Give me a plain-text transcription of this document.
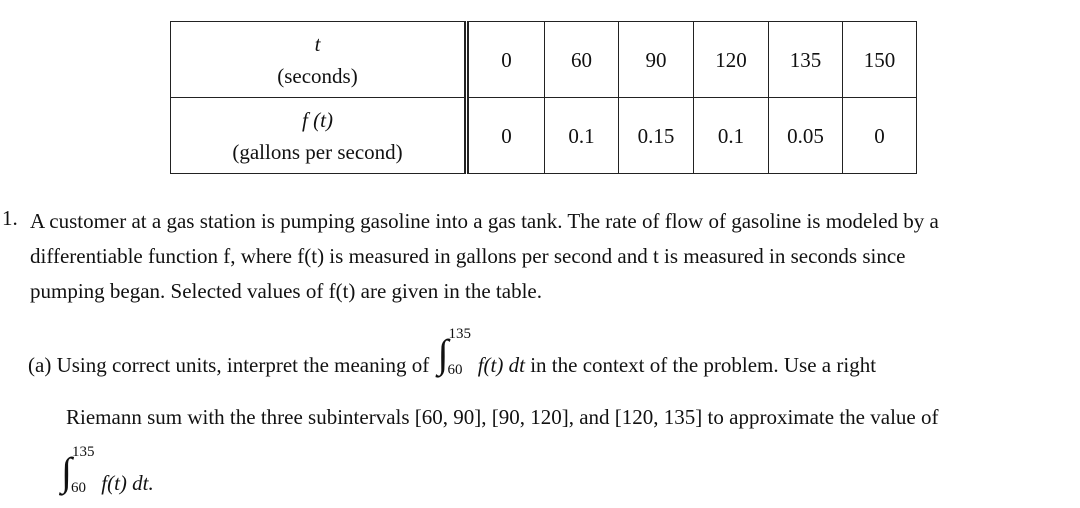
t
(seconds)	0	60	90	120	135	150

f (t)
(gallons per second)	0	0.1	0.15	0.1	0.05	0
1. A customer at a gas station is pumping gasoline into a gas tank. The rate of flow of gasoline is modeled by a
differentiable function f, where f(t) is measured in gallons per second and t is measured in seconds since
pumping began. Selected values of f(t) are given in the table.
(a) Using correct units, interpret the meaning of ∫ 135
60 f(t) dt in the context of the problem. Use a right
Riemann sum with the three subintervals [60, 90], [90, 120], and [120, 135] to approximate the value of
∫ 135
60 f(t) dt.
